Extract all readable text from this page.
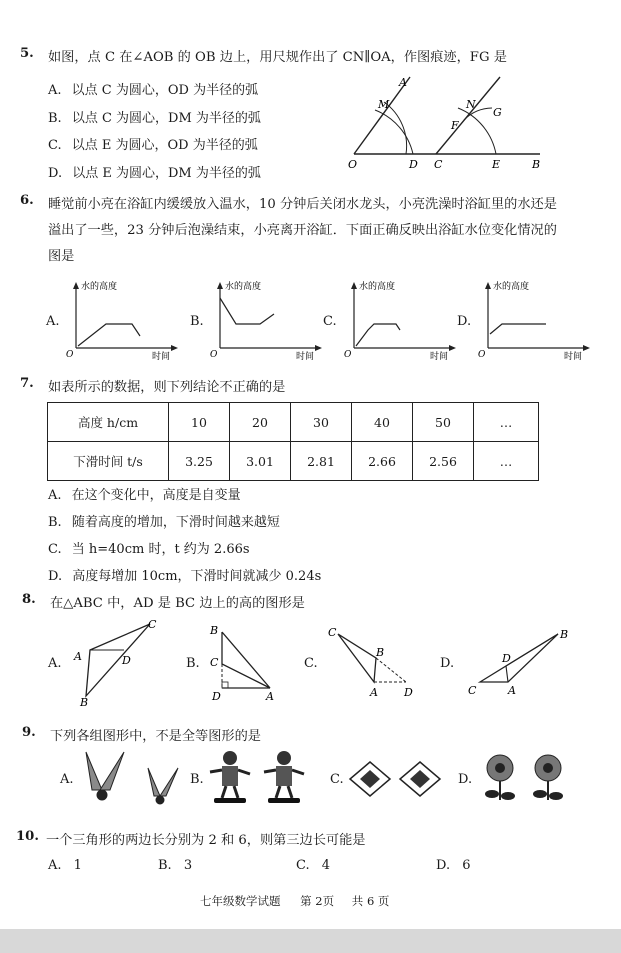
5. 如图，点 C 在∠AOB 的 OB 边上，用尺规作出了 CN∥OA，作图痕迹，FG 是
A. 以点 C 为圆心，OD 为半径的弧
B. 以点 C 为圆心，DM 为半径的弧
C. 以点 E 为圆心，OD 为半径的弧
D. 以点 E 为圆心，DM 为半径的弧
A
M	N
G
F
O	D C	E	B
6. 睡觉前小亮在浴缸内缓缓放入温水，10 分钟后关闭水龙头，小亮洗澡时浴缸里的水还是
溢出了一些，23 分钟后泡澡结束，小亮离开浴缸．下面正确反映出浴缸水位变化情况的
图是
A.
水的高度
时间
O
B.
水的高度
时间
O
C.
水的高度
时间
O
D.
水的高度
时间
O
7. 如表所示的数据，则下列结论不正确的是
高度 h/cm	10	20	30	40	50	…
下滑时间 t/s	3.25	3.01	2.81	2.66	2.56	…
A. 在这个变化中，高度是自变量
B. 随着高度的增加，下滑时间越来越短
C. 当 h=40cm 时，t 约为 2.66s
D. 高度每增加 10cm，下滑时间就减少 0.24s
8. 在△ABC 中，AD 是 BC 边上的高的图形是
A.
C
A	D
B
B.
B
C
D	A
C.
C
B
A D
D.
B
D
C	A
9. 下列各组图形中，不是全等图形的是
A.	B.	C.	D.
10. 一个三角形的两边长分别为 2 和 6，则第三边长可能是
A. 1	B. 3	C. 4	D. 6
七年级数学试题 第 2页 共 6 页
